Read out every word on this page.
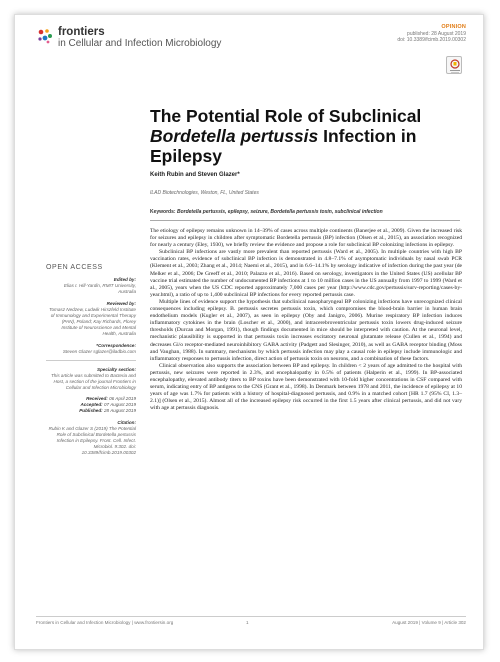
frontiers
in Cellular and Infection Microbiology
OPINION
published: 28 August 2019
doi: 10.3389/fcimb.2019.00302
The Potential Role of Subclinical
Bordetella pertussis Infection in
Epilepsy
Keith Rubin and Steven Glazer*
ILAD Biotechnologies, Weston, FL, United States
Keywords: Bordetella pertussis, epilepsy, seizure, Bordetella pertussis toxin, subclinical infection
OPEN ACCESS
Edited by:
Elias I. Hill-Yardin, RMIT University, Australia
Reviewed by:
Tomasz Nedzew, Ludwik Hirszfeld Institute of Immunology and Experimental Therapy (PAN), Poland; Kay Richards, Florey Institute of Neuroscience and Mental Health, Australia
*Correspondence:
Steven Glazer sglazer@iladbio.com
Specialty section:
This article was submitted to Bacteria and Host, a section of the journal Frontiers in Cellular and Infection Microbiology
Received: 06 April 2019
Accepted: 07 August 2019
Published: 28 August 2019
Citation:
Rubin K and Glazer S (2019) The Potential Role of Subclinical Bordetella pertussis Infection in Epilepsy. Front. Cell. Infect. Microbiol. 9:302. doi: 10.3389/fcimb.2019.00302

The etiology of epilepsy remains unknown in 14–39% of cases across multiple continents (Banerjee et al., 2009). Given the increased risk for seizures and epilepsy in children after symptomatic Bordetella pertussis (BP) infection (Olsen et al., 2015), an association recognized for nearly a century (Eley, 1930), we briefly review the evidence and propose a role for subclinical BP colonizing infections in epilepsy.

Subclinical BP infections are vastly more prevalent than reported pertussis (Ward et al., 2005). In multiple countries with high BP vaccination rates, evidence of subclinical BP infection is demonstrated in 4.8–7.1% of asymptomatic individuals by nasal swab PCR (Klement et al., 2003; Zhang et al., 2014; Naemi et al., 2015), and in 6.6–14.1% by serology indicative of infection during the past year (de Melker et al., 2006; De Greeff et al., 2010; Palazzo et al., 2016). Based on serology, investigators in the United States (US) acellular BP vaccine trial estimated the number of undocumented BP infections at 1 to 10 million cases in the US annually from 1997 to 1999 (Ward et al., 2005), years when the US CDC reported approximately 7,000 cases per year (http://www.cdc.gov/pertussis/surv-reporting/cases-by-year.html), a ratio of up to 1,400 subclinical BP infections for every reported pertussis case.

Multiple lines of evidence support the hypothesis that subclinical nasopharyngeal BP colonizing infections have unrecognized clinical consequences including epilepsy. B. pertussis secretes pertussis toxin, which compromises the blood-brain barrier in human brain endothelium models (Kugler et al., 2007), as seen in epilepsy (Oby and Janigro, 2006). Murine respiratory BP infection induces inflammatory cytokines in the brain (Loscher et al., 2000), and intracerebroventricular pertussis toxin lowers drug-induced seizure thresholds (Durcan and Morgan, 1991), though findings documented in mice should be interpreted with caution. At the neuronal level, mechanistic plausibility is supported in that pertussis toxin increases excitatory neuronal glutamate release (Cullen et al., 1994) and decreases Gi/o receptor-mediated neuroinhibitory GABA activity (Padgett and Slesinger, 2010), as well as GABA receptor binding (Moss and Vaughan, 1988). In summary, mechanisms by which pertussis infection may play a causal role in epilepsy include immunologic and inflammatory responses to pertussis infection, direct action of pertussis toxin on neurons, and a combination of these factors.

Clinical observation also supports the association between BP and epilepsy. In children < 2 years of age admitted to the hospital with pertussis, new seizures were reported in 2.3%, and encephalopathy in 0.5% of patients (Halperin et al., 1999). In BP-associated encephalopathy, elevated antibody titers to BP toxins have been demonstrated with 10-fold higher concentrations in CSF compared with serum, indicating entry of BP antigens to the CNS (Grant et al., 1998). In Denmark between 1978 and 2011, the incidence of epilepsy at 10 years of age was 1.7% for patients with a history of hospital-diagnosed pertussis, and 0.9% in a matched cohort [HR 1.7 (95% CI, 1.3–2.1)] (Olsen et al., 2015). Almost all of the increased epilepsy risk occurred in the first 1.5 years after clinical pertussis, and did not vary with age at pertussis diagnosis.

Frontiers in Cellular and Infection Microbiology | www.frontiersin.org	1	August 2019 | Volume 9 | Article 302
